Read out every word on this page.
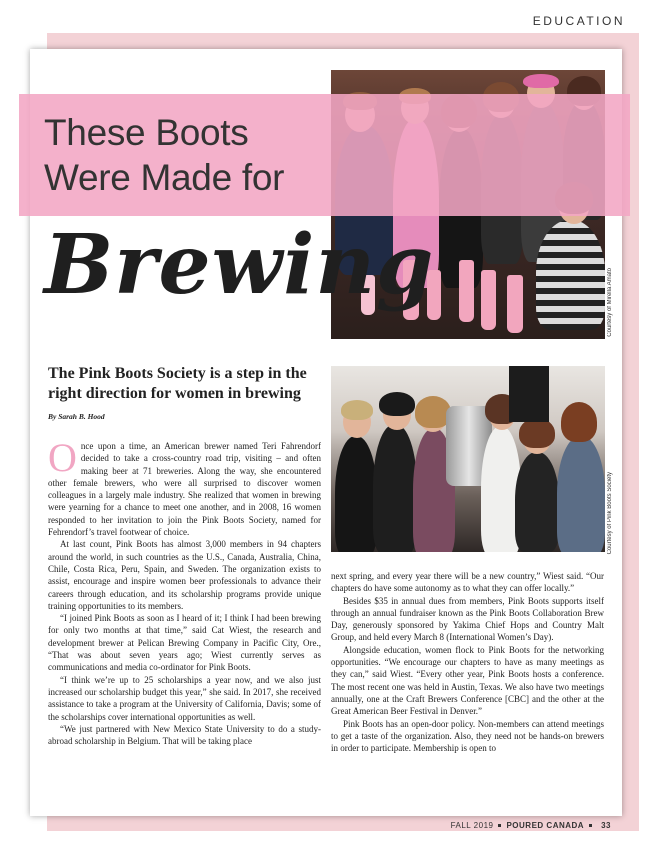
EDUCATION
Courtesy of Mirella Amato
Courtesy of Pink Boots Society
These Boots
Were Made for
Brewing
The Pink Boots Society is a step in the right direction for women in brewing
By Sarah B. Hood

Once upon a time, an American brewer named Teri Fahrendorf decided to take a cross-country road trip, visiting – and often making beer at 71 breweries. Along the way, she encountered other female brewers, who were all surprised to discover women colleagues in a largely male industry. She realized that women in brewing were yearning for a chance to meet one another, and in 2008, 16 women responded to her invitation to join the Pink Boots Society, named for Fehrendorf’s travel footwear of choice.

At last count, Pink Boots has almost 3,000 members in 94 chapters around the world, in such countries as the U.S., Canada, Australia, China, Chile, Costa Rica, Peru, Spain, and Sweden. The organization exists to assist, encourage and inspire women beer professionals to advance their careers through education, and its scholarship programs provide unique training opportunities to its members.

“I joined Pink Boots as soon as I heard of it; I think I had been brewing for only two months at that time,” said Cat Wiest, the research and development brewer at Pelican Brewing Company in Pacific City, Ore., “That was about seven years ago; Wiest currently serves as communications and media co-ordinator for Pink Boots.

“I think we’re up to 25 scholarships a year now, and we also just increased our scholarship budget this year,” she said. In 2017, she received assistance to take a program at the University of California, Davis; some of the scholarships cover international opportunities as well.

“We just partnered with New Mexico State University to do a study-abroad scholarship in Belgium. That will be taking place

next spring, and every year there will be a new country,” Wiest said. “Our chapters do have some autonomy as to what they can offer locally.”

Besides $35 in annual dues from members, Pink Boots supports itself through an annual fundraiser known as the Pink Boots Collaboration Brew Day, generously sponsored by Yakima Chief Hops and Country Malt Group, and held every March 8 (International Women’s Day).

Alongside education, women flock to Pink Boots for the networking opportunities. “We encourage our chapters to have as many meetings as they can,” said Wiest. “Every other year, Pink Boots hosts a conference. The most recent one was held in Austin, Texas. We also have two meetings annually, one at the Craft Brewers Conference [CBC] and the other at the Great American Beer Festival in Denver.”

Pink Boots has an open-door policy. Non-members can attend meetings to get a taste of the organization. Also, they need not be hands-on brewers in order to participate. Membership is open to

FALL 2019 POURED CANADA 33
